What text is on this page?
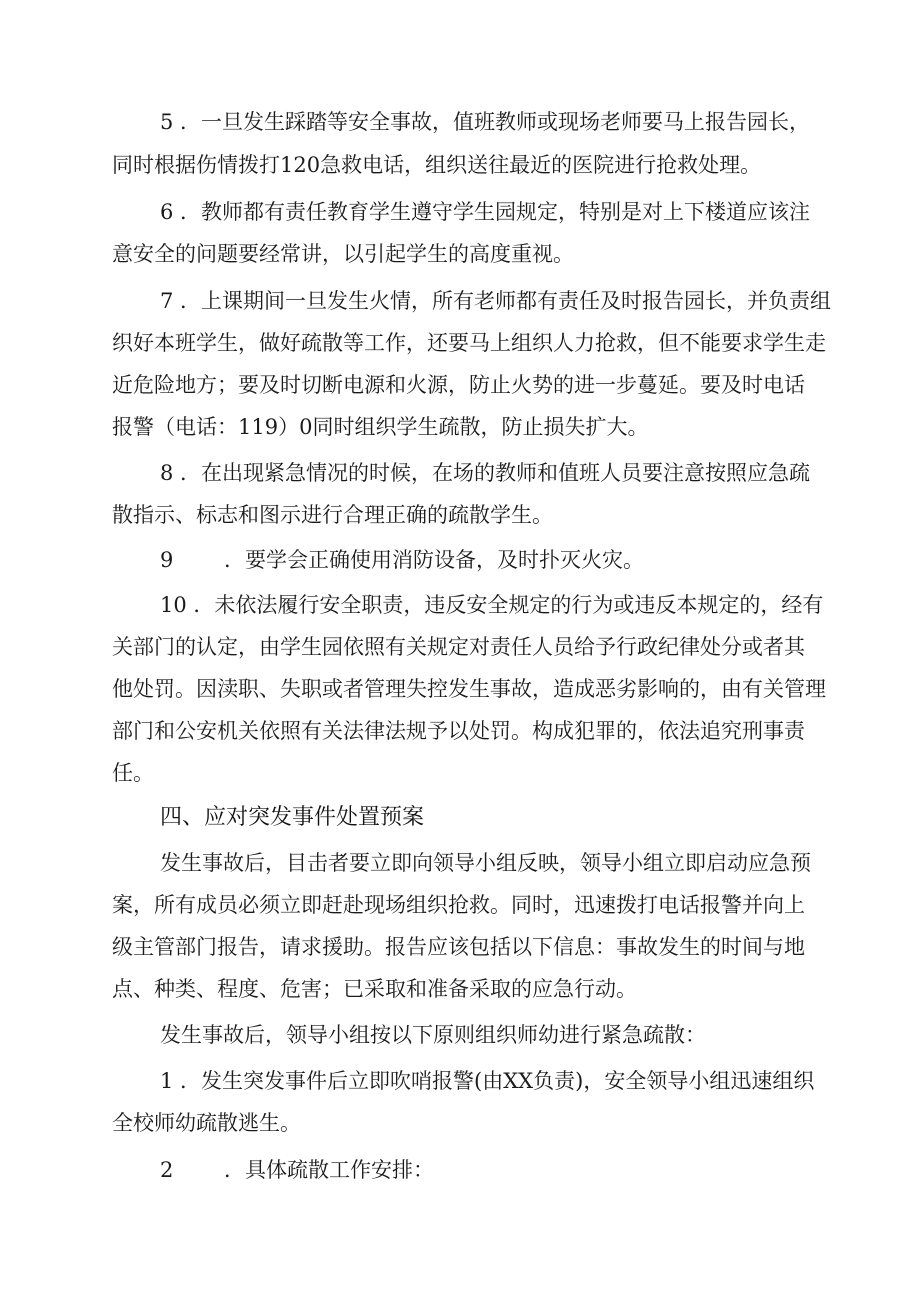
5 ．一旦发生踩踏等安全事故，值班教师或现场老师要马上报告园长，
同时根据伤情拨打120急救电话，组织送往最近的医院进行抢救处理。
6 ．教师都有责任教育学生遵守学生园规定，特别是对上下楼道应该注
意安全的问题要经常讲，以引起学生的高度重视。
7 ．上课期间一旦发生火情，所有老师都有责任及时报告园长，并负责组
织好本班学生，做好疏散等工作，还要马上组织人力抢救，但不能要求学生走
近危险地方；要及时切断电源和火源，防止火势的进一步蔓延。要及时电话
报警（电话：119）0同时组织学生疏散，防止损失扩大。
8 ．在出现紧急情况的时候，在场的教师和值班人员要注意按照应急疏
散指示、标志和图示进行合理正确的疏散学生。
9 ．要学会正确使用消防设备，及时扑灭火灾。
10 ．未依法履行安全职责，违反安全规定的行为或违反本规定的，经有
关部门的认定，由学生园依照有关规定对责任人员给予行政纪律处分或者其
他处罚。因渎职、失职或者管理失控发生事故，造成恶劣影响的，由有关管理
部门和公安机关依照有关法律法规予以处罚。构成犯罪的，依法追究刑事责
任。
四、应对突发事件处置预案
发生事故后，目击者要立即向领导小组反映，领导小组立即启动应急预
案，所有成员必须立即赶赴现场组织抢救。同时，迅速拨打电话报警并向上
级主管部门报告，请求援助。报告应该包括以下信息：事故发生的时间与地
点、种类、程度、危害；已采取和准备采取的应急行动。
发生事故后，领导小组按以下原则组织师幼进行紧急疏散：
1 ．发生突发事件后立即吹哨报警(由XX负责)，安全领导小组迅速组织
全校师幼疏散逃生。
2 ．具体疏散工作安排：
